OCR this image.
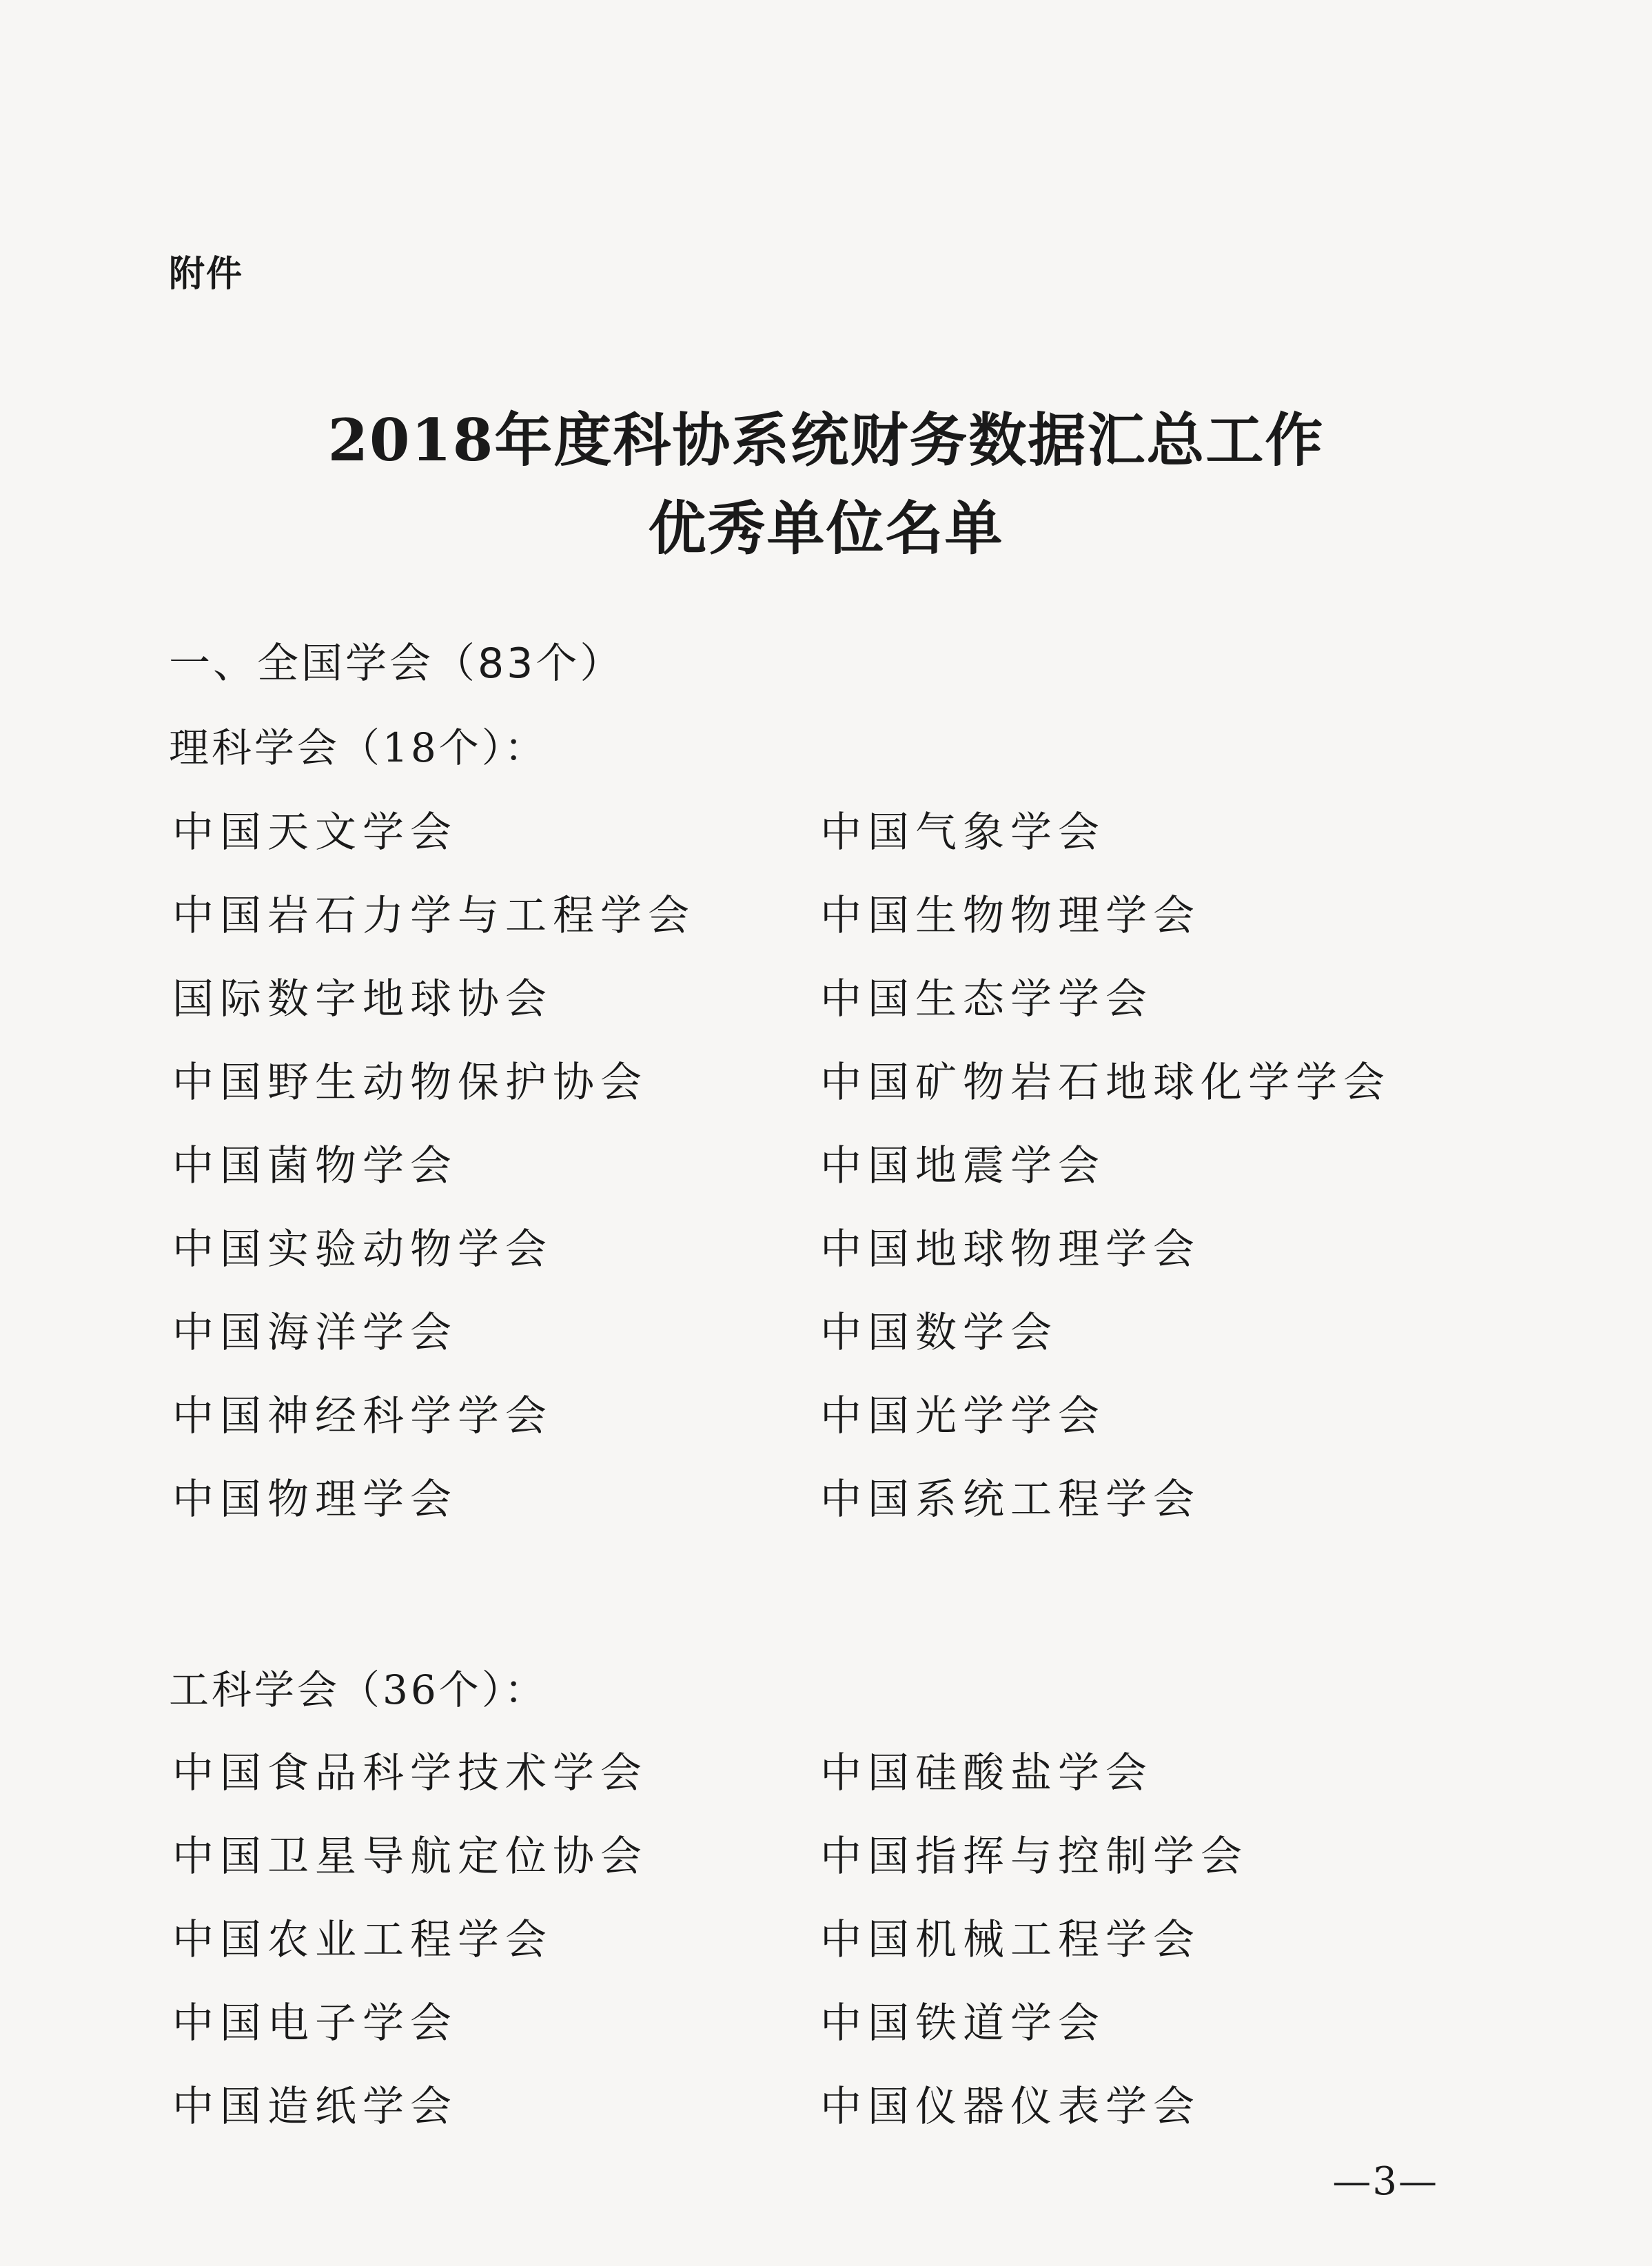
附件
2018年度科协系统财务数据汇总工作
优秀单位名单
一、全国学会（83个）
理科学会（18个）：
中国天文学会
中国岩石力学与工程学会
国际数字地球协会
中国野生动物保护协会
中国菌物学会
中国实验动物学会
中国海洋学会
中国神经科学学会
中国物理学会
中国气象学会
中国生物物理学会
中国生态学学会
中国矿物岩石地球化学学会
中国地震学会
中国地球物理学会
中国数学会
中国光学学会
中国系统工程学会
工科学会（36个）：
中国食品科学技术学会
中国卫星导航定位协会
中国农业工程学会
中国电子学会
中国造纸学会
中国硅酸盐学会
中国指挥与控制学会
中国机械工程学会
中国铁道学会
中国仪器仪表学会
—3—
